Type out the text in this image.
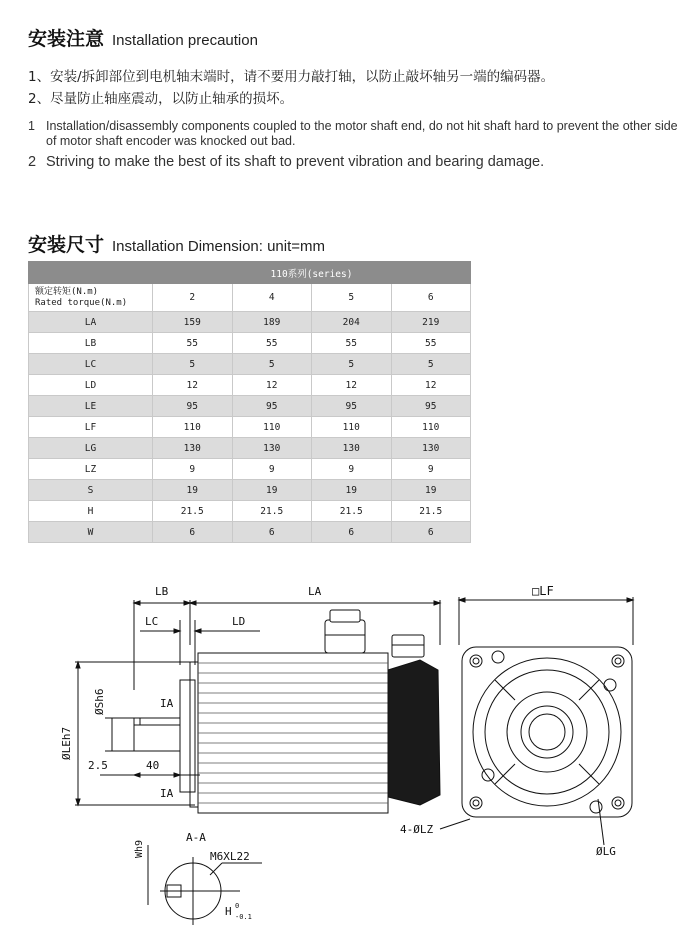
安装注意 Installation precaution
1、安装/拆卸部位到电机轴末端时，请不要用力敲打轴，以防止敲坏轴另一端的编码器。
2、尽量防止轴座震动，以防止轴承的损坏。
1 Installation/disassembly components coupled to the motor shaft end, do not hit shaft hard to prevent the other side of motor shaft encoder was knocked out bad.
2 Striving to make the best of its shaft to prevent vibration and bearing damage.
安装尺寸 Installation Dimension: unit=mm
	110系列(series)			

额定转矩(N.m)
Rated torque(N.m)	2	4	5	6
LA	159	189	204	219
LB	55	55	55	55
LC	5	5	5	5
LD	12	12	12	12
LE	95	95	95	95
LF	110	110	110	110
LG	130	130	130	130
LZ	9	9	9	9
S	19	19	19	19
H	21.5	21.5	21.5	21.5
W	6	6	6	6
LB	LA
LC	LD
□LF
ØSh6
ØLEh7
IA
IA
2.5	40
4-ØLZ
ØLG
A-A
Wh9	M6XL22
H 0
-0.1
